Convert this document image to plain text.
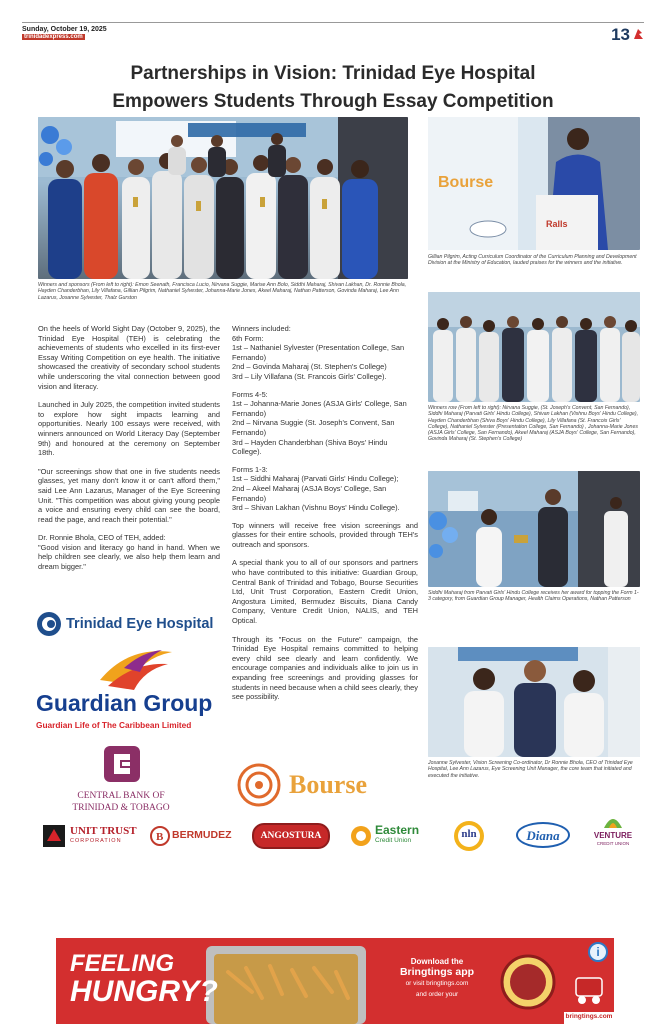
Sunday, October 19, 2025
trinidadexpress.com	13
Partnerships in Vision: Trinidad Eye Hospital
Empowers Students Through Essay Competition
Winners and sponsors (From left to right): Emon Seenath, Francisca Lucio, Nirvana Suggie, Marise Ann Bolo, Siddhi Maharaj, Shivan Lakhan, Dr. Ronnie Bhola, Hayden Chanderbhan, Lily Villafana, Gillian Pilgrim, Nathaniel Sylvester, Johanna-Marie Jones, Akeel Maharaj, Nathan Patterson, Govinda Maharaj, Lee Ann Lazarus, Josanne Sylvester, Thalz Gurston
Bourse
Ralls
Gillian Pilgrim, Acting Curriculum Coordinator of the Curriculum Planning and Development Division at the Ministry of Education, lauded praises for the winners and the initiative.
Winners row (From left to right): Nirvana Suggie, (St. Joseph's Convent, San Fernando), Siddhi Maharaj (Parvati Girls' Hindu College), Shivan Lakhan (Vishnu Boys' Hindu College), Hayden Chanderbhan (Shiva Boys' Hindu College), Lily Villafana (St. Francois Girls' College), Nathaniel Sylvester (Presentation College, San Fernando) , Johanna-Marie Jones (ASJA Girls' College, San Fernando), Akeel Maharaj (ASJA Boys' College, San Fernando), Govinda Maharaj (St. Stephen's College)
Siddhi Maharaj from Parvati Girls' Hindu College receives her award for topping the Form 1-3 category, from Guardian Group Manager, Health Claims Operations, Nathan Patterson
Josanne Sylvester, Vision Screening Co-ordinator, Dr Ronnie Bhola, CEO of Trinidad Eye Hospital, Lee Ann Lazarus, Eye Screening Unit Manager, the core team that initiated and executed the initiative.

On the heels of World Sight Day (October 9, 2025), the Trinidad Eye Hospital (TEH) is celebrating the achievements of students who excelled in its first-ever Essay Writing Competition on eye health. The initiative showcased the creativity of secondary school students while underscoring the vital connection between good vision and literacy.

Launched in July 2025, the competition invited students to explore how sight impacts learning and opportunities. Nearly 100 essays were received, with winners announced on World Literacy Day (September 9th) and honoured at the ceremony on September 18th.

"Our screenings show that one in five students needs glasses, yet many don't know it or can't afford them," said Lee Ann Lazarus, Manager of the Eye Screening Unit. "This competition was about giving young people a voice and ensuring every child can see the board, read the page, and reach their potential."

Dr. Ronnie Bhola, CEO of TEH, added:
"Good vision and literacy go hand in hand. When we help children see clearly, we also help them learn and dream bigger."

Winners included:
6th Form:
1st – Nathaniel Sylvester (Presentation College, San Fernando)
2nd – Govinda Maharaj (St. Stephen's College)
3rd – Lily Villafana (St. Francois Girls' College).

Forms 4-5:
1st – Johanna-Marie Jones (ASJA Girls' College, San Fernando)
2nd – Nirvana Suggie (St. Joseph's Convent, San Fernando)
3rd – Hayden Chanderbhan (Shiva Boys' Hindu College).

Forms 1-3:
1st – Siddhi Maharaj (Parvati Girls' Hindu College);
2nd – Akeel Maharaj (ASJA Boys' College, San Fernando)
3rd – Shivan Lakhan (Vishnu Boys' Hindu College).

Top winners will receive free vision screenings and glasses for their entire schools, provided through TEH's outreach and sponsors.

A special thank you to all of our sponsors and partners who have contributed to this initiative: Guardian Group, Central Bank of Trinidad and Tobago, Bourse Securities Ltd, Unit Trust Corporation, Eastern Credit Union, Angostura Limited, Bermudez Biscuits, Diana Candy Company, Venture Credit Union, NALIS, and TEH Optical.

Through its "Focus on the Future" campaign, the Trinidad Eye Hospital remains committed to helping every child see clearly and learn confidently. We encourage companies and individuals alike to join us in expanding free screenings and providing glasses for students in need because when a child sees clearly, they see possibility.

Trinidad Eye Hospital
Guardian Group
Guardian Life of The Caribbean Limited
CENTRAL BANK OF
TRINIDAD & TOBAGO
Bourse
UNIT TRUST
CORPORATION	B BERMUDEZ	ANGOSTURA	Eastern
Credit Union
nln	Diana	VENTURE
CREDIT UNION
FEELING
HUNGRY?
Download the
Bringtings app
or visit bringtings.com
and order your
bringtings.com
i
